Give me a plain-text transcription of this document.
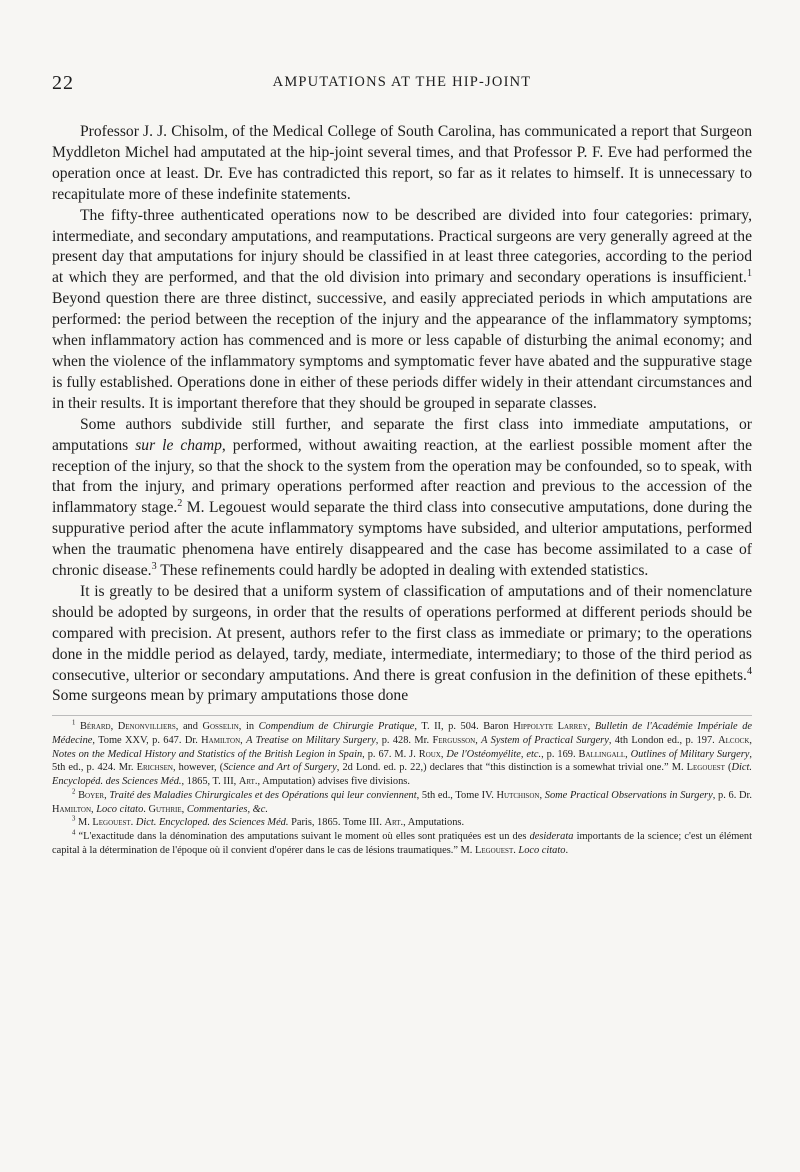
22	AMPUTATIONS AT THE HIP-JOINT

Professor J. J. Chisolm, of the Medical College of South Carolina, has communicated a report that Surgeon Myddleton Michel had amputated at the hip-joint several times, and that Professor P. F. Eve had performed the operation once at least. Dr. Eve has contradicted this report, so far as it relates to himself. It is unnecessary to recapitulate more of these indefinite statements.

The fifty-three authenticated operations now to be described are divided into four categories: primary, intermediate, and secondary amputations, and reamputations. Practical surgeons are very generally agreed at the present day that amputations for injury should be classified in at least three categories, according to the period at which they are performed, and that the old division into primary and secondary operations is insufficient.$^1$ Beyond question there are three distinct, successive, and easily appreciated periods in which amputations are performed: the period between the reception of the injury and the appearance of the inflammatory symptoms; when inflammatory action has commenced and is more or less capable of disturbing the animal economy; and when the violence of the inflammatory symptoms and symptomatic fever have abated and the suppurative stage is fully established. Operations done in either of these periods differ widely in their attendant circumstances and in their results. It is important therefore that they should be grouped in separate classes.

Some authors subdivide still further, and separate the first class into immediate amputations, or amputations sur le champ, performed, without awaiting reaction, at the earliest possible moment after the reception of the injury, so that the shock to the system from the operation may be confounded, so to speak, with that from the injury, and primary operations performed after reaction and previous to the accession of the inflammatory stage.$^2$ M. Legouest would separate the third class into consecutive amputations, done during the suppurative period after the acute inflammatory symptoms have subsided, and ulterior amputations, performed when the traumatic phenomena have entirely disappeared and the case has become assimilated to a case of chronic disease.$^3$ These refinements could hardly be adopted in dealing with extended statistics.

It is greatly to be desired that a uniform system of classification of amputations and of their nomenclature should be adopted by surgeons, in order that the results of operations performed at different periods should be compared with precision. At present, authors refer to the first class as immediate or primary; to the operations done in the middle period as delayed, tardy, mediate, intermediate, intermediary; to those of the third period as consecutive, ulterior or secondary amputations. And there is great confusion in the definition of these epithets.$^4$ Some surgeons mean by primary amputations those done

$^1$ Bérard, Denonvilliers, and Gosselin, in Compendium de Chirurgie Pratique, T. II, p. 504. Baron Hippolyte Larrey, Bulletin de l'Académie Impériale de Médecine, Tome XXV, p. 647. Dr. Hamilton, A Treatise on Military Surgery, p. 428. Mr. Fergusson, A System of Practical Surgery, 4th London ed., p. 197. Alcock, Notes on the Medical History and Statistics of the British Legion in Spain, p. 67. M. J. Roux, De l'Ostéomyélite, etc., p. 169. Ballingall, Outlines of Military Surgery, 5th ed., p. 424. Mr. Erichsen, however, (Science and Art of Surgery, 2d Lond. ed. p. 22,) declares that “this distinction is a somewhat trivial one.” M. Legouest (Dict. Encyclopéd. des Sciences Méd., 1865, T. III, Art., Amputation) advises five divisions.

$^2$ Boyer, Traité des Maladies Chirurgicales et des Opérations qui leur conviennent, 5th ed., Tome IV. Hutchison, Some Practical Observations in Surgery, p. 6. Dr. Hamilton, Loco citato. Guthrie, Commentaries, &c.

$^3$ M. Legouest. Dict. Encycloped. des Sciences Méd. Paris, 1865. Tome III. Art., Amputations.

$^4$ “L'exactitude dans la dénomination des amputations suivant le moment où elles sont pratiquées est un des desiderata importants de la science; c'est un élément capital à la détermination de l'époque où il convient d'opérer dans le cas de lésions traumatiques.” M. Legouest. Loco citato.
